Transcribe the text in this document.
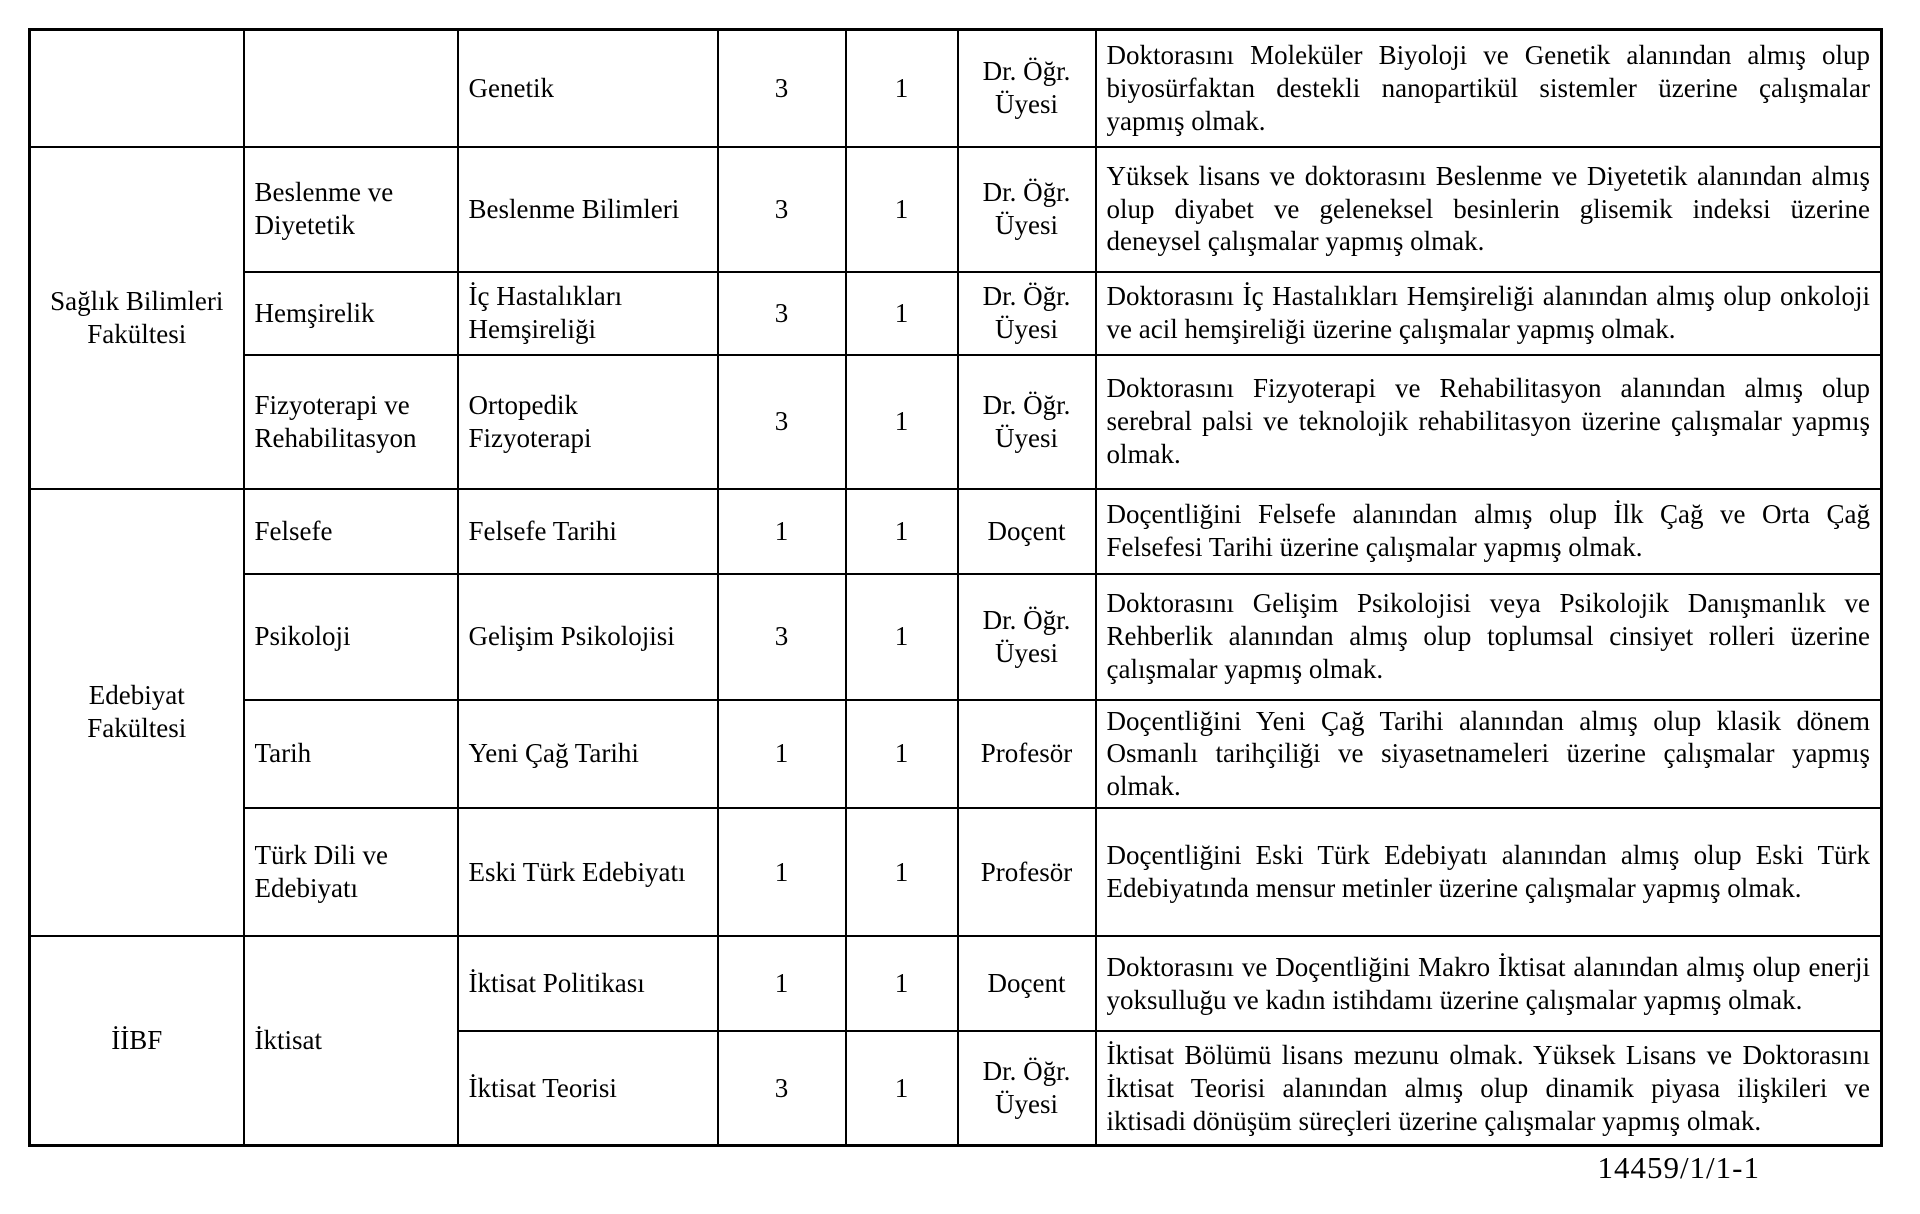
		Genetik	3	1	Dr. Öğr. Üyesi	Doktorasını Moleküler Biyoloji ve Genetik alanından almış olup biyosürfaktan destekli nanopartikül sistemler üzerine çalışmalar yapmış olmak.
Sağlık Bilimleri Fakültesi	Beslenme ve Diyetetik	Beslenme Bilimleri	3	1	Dr. Öğr. Üyesi	Yüksek lisans ve doktorasını Beslenme ve Diyetetik alanından almış olup diyabet ve geleneksel besinlerin glisemik indeksi üzerine deneysel çalışmalar yapmış olmak.
	Hemşirelik	İç Hastalıkları Hemşireliği	3	1	Dr. Öğr. Üyesi	Doktorasını İç Hastalıkları Hemşireliği alanından almış olup onkoloji ve acil hemşireliği üzerine çalışmalar yapmış olmak.
	Fizyoterapi ve Rehabilitasyon	Ortopedik Fizyoterapi	3	1	Dr. Öğr. Üyesi	Doktorasını Fizyoterapi ve Rehabilitasyon alanından almış olup serebral palsi ve teknolojik rehabilitasyon üzerine çalışmalar yapmış olmak.
Edebiyat Fakültesi	Felsefe	Felsefe Tarihi	1	1	Doçent	Doçentliğini Felsefe alanından almış olup İlk Çağ ve Orta Çağ Felsefesi Tarihi üzerine çalışmalar yapmış olmak.
	Psikoloji	Gelişim Psikolojisi	3	1	Dr. Öğr. Üyesi	Doktorasını Gelişim Psikolojisi veya Psikolojik Danışmanlık ve Rehberlik alanından almış olup toplumsal cinsiyet rolleri üzerine çalışmalar yapmış olmak.
	Tarih	Yeni Çağ Tarihi	1	1	Profesör	Doçentliğini Yeni Çağ Tarihi alanından almış olup klasik dönem Osmanlı tarihçiliği ve siyasetnameleri üzerine çalışmalar yapmış olmak.
	Türk Dili ve Edebiyatı	Eski Türk Edebiyatı	1	1	Profesör	Doçentliğini Eski Türk Edebiyatı alanından almış olup Eski Türk Edebiyatında mensur metinler üzerine çalışmalar yapmış olmak.
İİBF	İktisat	İktisat Politikası	1	1	Doçent	Doktorasını ve Doçentliğini Makro İktisat alanından almış olup enerji yoksulluğu ve kadın istihdamı üzerine çalışmalar yapmış olmak.
		İktisat Teorisi	3	1	Dr. Öğr. Üyesi	İktisat Bölümü lisans mezunu olmak. Yüksek Lisans ve Doktorasını İktisat Teorisi alanından almış olup dinamik piyasa ilişkileri ve iktisadi dönüşüm süreçleri üzerine çalışmalar yapmış olmak.
14459/1/1-1
